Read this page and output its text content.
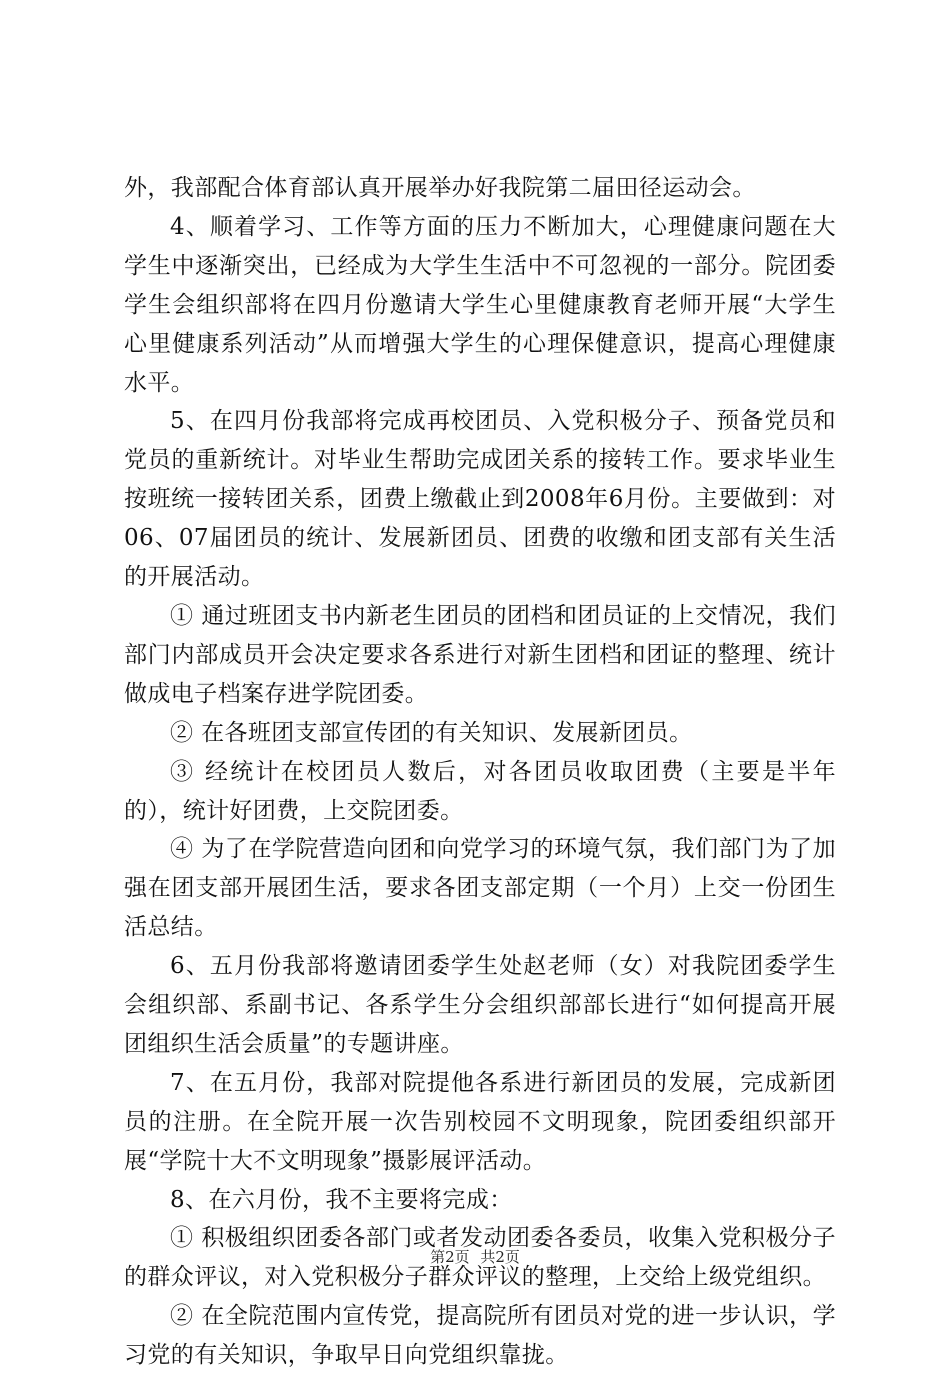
外，我部配合体育部认真开展举办好我院第二届田径运动会。

4、顺着学习、工作等方面的压力不断加大，心理健康问题在大学生中逐渐突出，已经成为大学生生活中不可忽视的一部分。院团委学生会组织部将在四月份邀请大学生心里健康教育老师开展“大学生心里健康系列活动”从而增强大学生的心理保健意识，提高心理健康水平。

5、在四月份我部将完成再校团员、入党积极分子、预备党员和党员的重新统计。对毕业生帮助完成团关系的接转工作。要求毕业生按班统一接转团关系，团费上缴截止到2008年6月份。主要做到：对06、07届团员的统计、发展新团员、团费的收缴和团支部有关生活的开展活动。

① 通过班团支书内新老生团员的团档和团员证的上交情况，我们部门内部成员开会决定要求各系进行对新生团档和团证的整理、统计做成电子档案存进学院团委。

② 在各班团支部宣传团的有关知识、发展新团员。

③ 经统计在校团员人数后，对各团员收取团费（主要是半年的），统计好团费，上交院团委。

④ 为了在学院营造向团和向党学习的环境气氛，我们部门为了加强在团支部开展团生活，要求各团支部定期（一个月）上交一份团生活总结。

6、五月份我部将邀请团委学生处赵老师（女）对我院团委学生会组织部、系副书记、各系学生分会组织部部长进行“如何提高开展团组织生活会质量”的专题讲座。

7、在五月份，我部对院提他各系进行新团员的发展，完成新团员的注册。在全院开展一次告别校园不文明现象，院团委组织部开展“学院十大不文明现象”摄影展评活动。

8、在六月份，我不主要将完成：

① 积极组织团委各部门或者发动团委各委员，收集入党积极分子的群众评议，对入党积极分子群众评议的整理，上交给上级党组织。

② 在全院范围内宣传党，提高院所有团员对党的进一步认识，学习党的有关知识，争取早日向党组织靠拢。

第2页 共2页
